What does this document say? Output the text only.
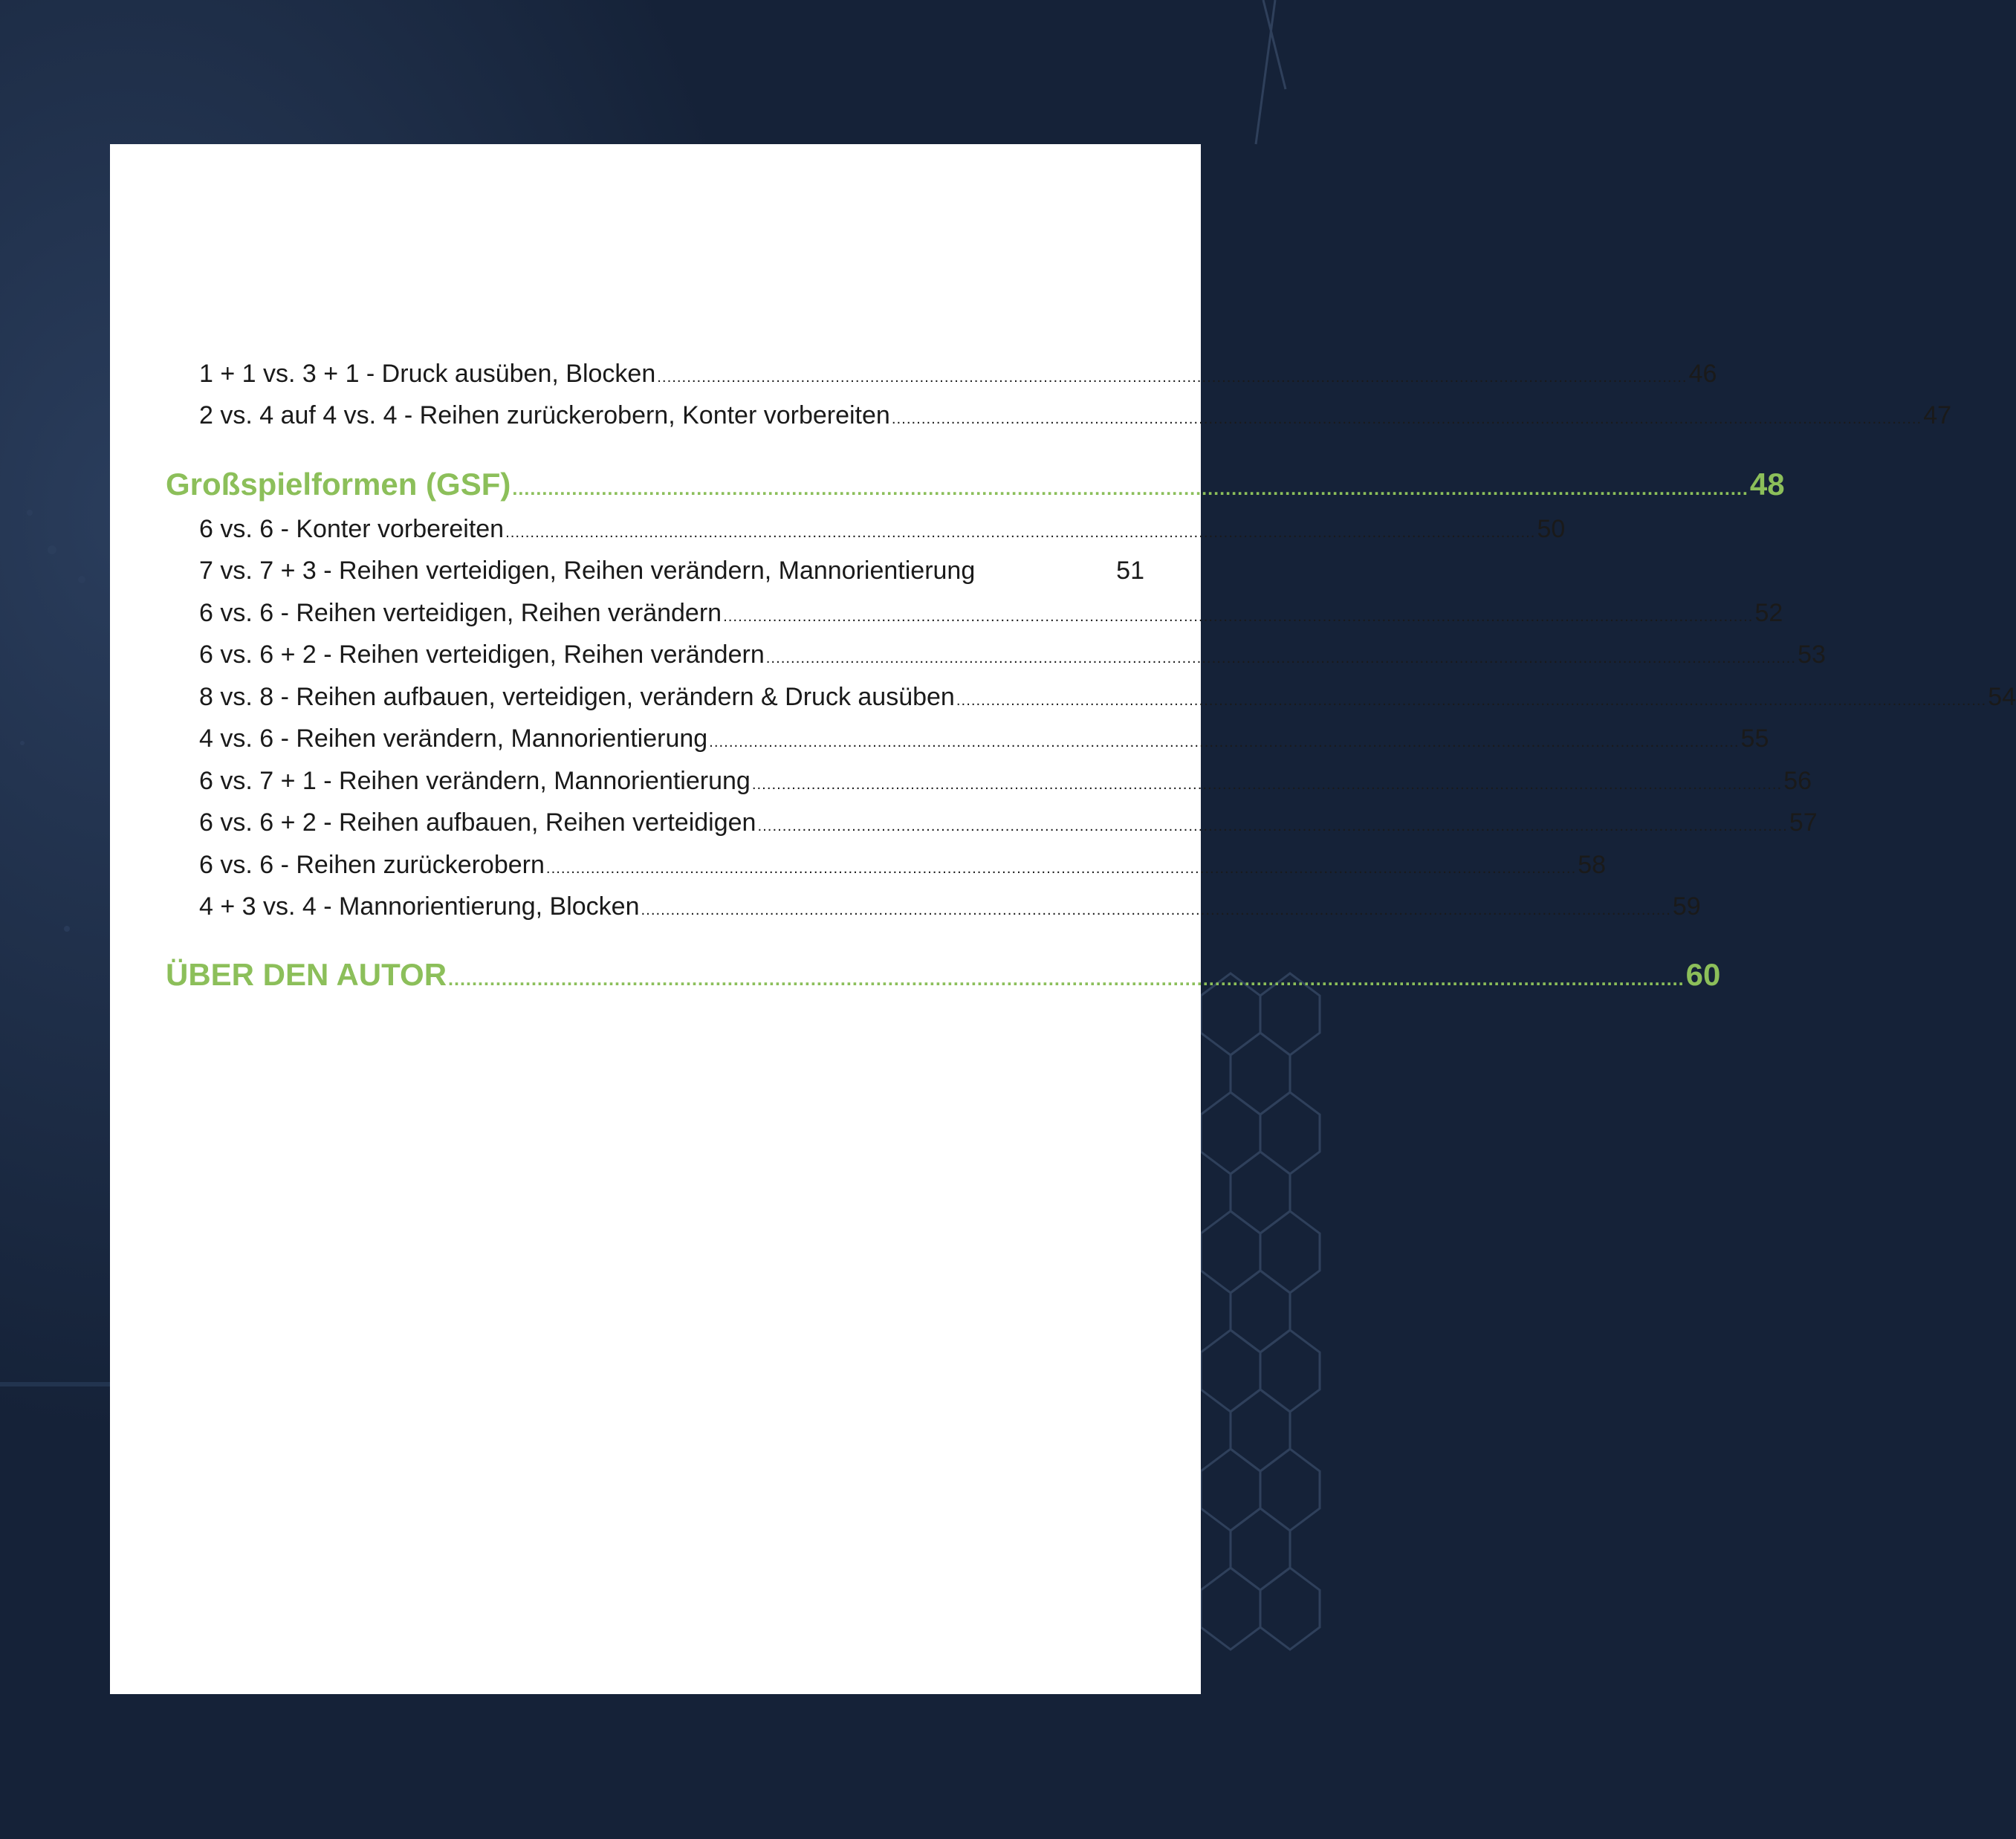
1 + 1 vs. 3 + 1 - Druck ausüben, Blocken ................................................................................................................................................................................................................ 46
2 vs. 4 auf 4 vs. 4 - Reihen zurückerobern, Konter vorbereiten ................................................................................................................................................................................................................ 47
Großspielformen (GSF) ................................................................................................................................................................................................................ 48
6 vs. 6 - Konter vorbereiten ................................................................................................................................................................................................................ 50
7 vs. 7 + 3 - Reihen verteidigen, Reihen verändern, Mannorientierung	51
6 vs. 6 - Reihen verteidigen, Reihen verändern ................................................................................................................................................................................................................ 52
6 vs. 6 + 2 - Reihen verteidigen, Reihen verändern ................................................................................................................................................................................................................ 53
8 vs. 8 - Reihen aufbauen, verteidigen, verändern & Druck ausüben ................................................................................................................................................................................................................ 54
4 vs. 6 - Reihen verändern, Mannorientierung ................................................................................................................................................................................................................ 55
6 vs. 7 + 1 - Reihen verändern, Mannorientierung ................................................................................................................................................................................................................ 56
6 vs. 6 + 2 - Reihen aufbauen, Reihen verteidigen ................................................................................................................................................................................................................ 57
6 vs. 6 - Reihen zurückerobern ................................................................................................................................................................................................................ 58
4 + 3 vs. 4 - Mannorientierung, Blocken ................................................................................................................................................................................................................ 59
ÜBER DEN AUTOR ................................................................................................................................................................................................................ 60
